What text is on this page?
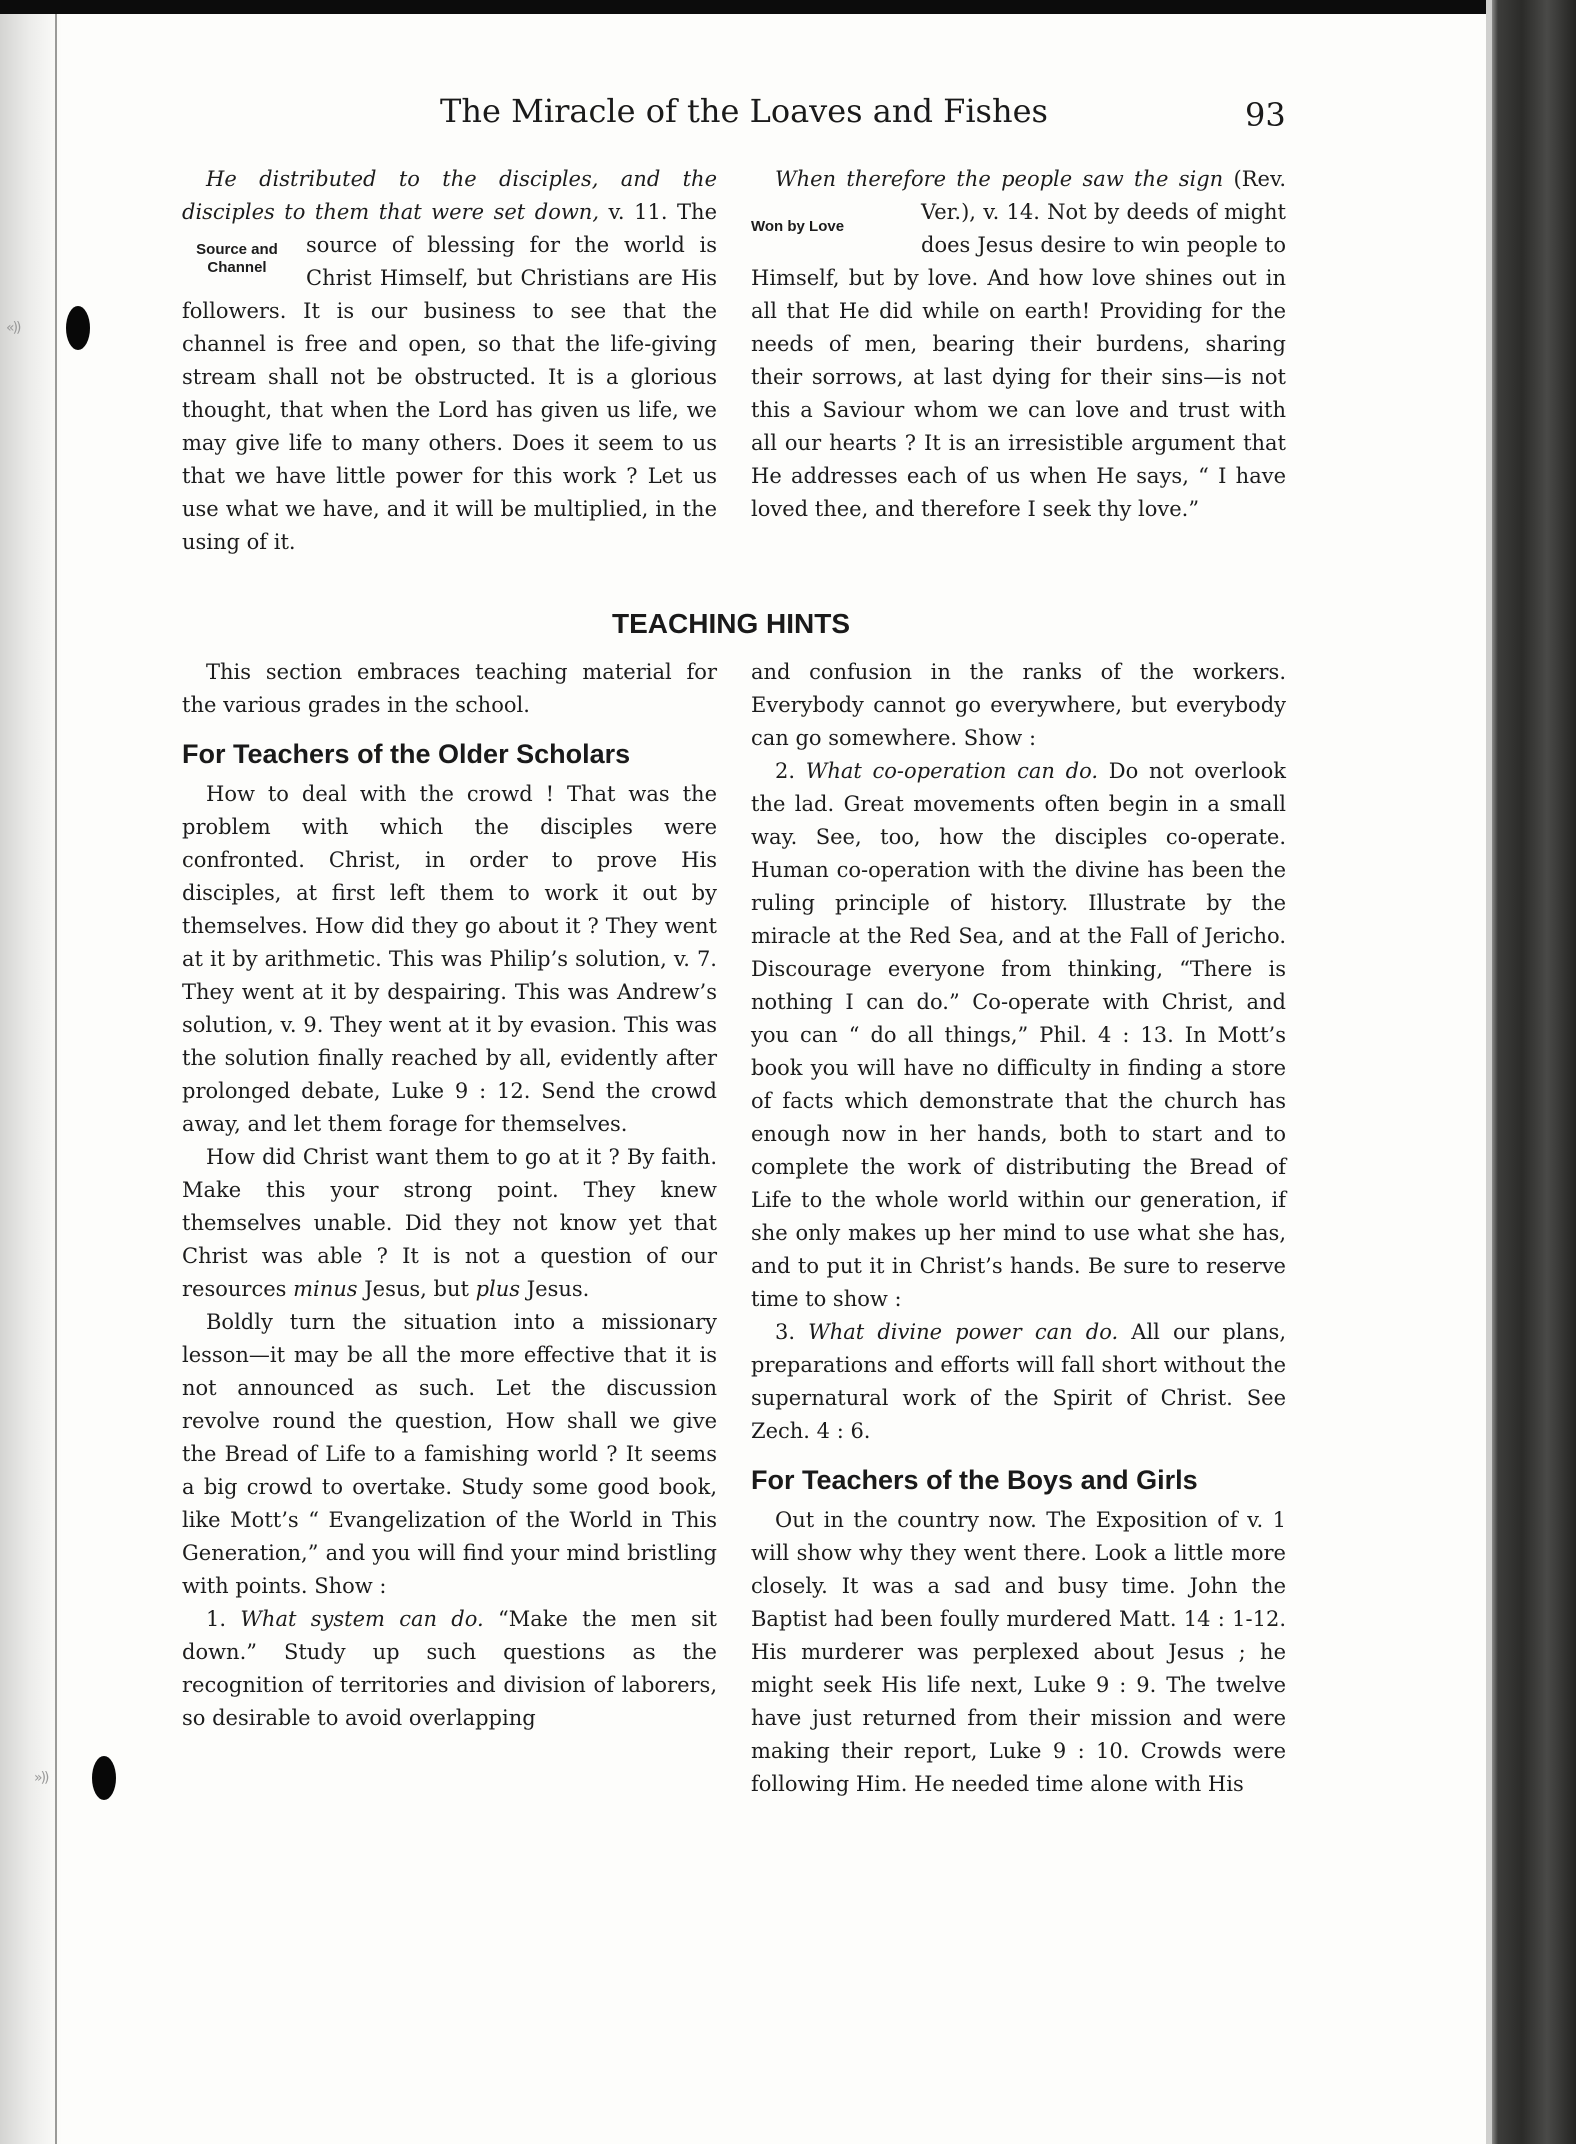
«))
»))
The Miracle of the Loaves and Fishes	93

He distributed to the disciples, and the disciples to them that were set down, v. 11.
Source and Channel
The source of blessing for the world is Christ Himself, but Christians are His followers. It is our business to see that the channel is free and open, so that the life-giving stream shall not be obstructed. It is a glorious thought, that when the Lord has given us life, we may give life to many others. Does it seem to us that we have little power for this work ? Let us use what we have, and it will be multiplied, in the using of it.

When therefore the people saw the sign (Rev. Ver.), v. 14.
Won by Love
Not by deeds of might does Jesus desire to win people to Himself, but by love. And how love shines out in all that He did while on earth! Providing for the needs of men, bearing their burdens, sharing their sorrows, at last dying for their sins—is not this a Saviour whom we can love and trust with all our hearts ? It is an irresistible argument that He addresses each of us when He says, “ I have loved thee, and therefore I seek thy love.”

TEACHING HINTS

This section embraces teaching material for the various grades in the school.

For Teachers of the Older Scholars

How to deal with the crowd ! That was the problem with which the disciples were confronted. Christ, in order to prove His disciples, at first left them to work it out by themselves. How did they go about it ? They went at it by arithmetic. This was Philip’s solution, v. 7. They went at it by despairing. This was Andrew’s solution, v. 9. They went at it by evasion. This was the solution finally reached by all, evidently after prolonged debate, Luke 9 : 12. Send the crowd away, and let them forage for themselves.

How did Christ want them to go at it ? By faith. Make this your strong point. They knew themselves unable. Did they not know yet that Christ was able ? It is not a question of our resources minus Jesus, but plus Jesus.

Boldly turn the situation into a missionary lesson—it may be all the more effective that it is not announced as such. Let the discussion revolve round the question, How shall we give the Bread of Life to a famishing world ? It seems a big crowd to overtake. Study some good book, like Mott’s “ Evangelization of the World in This Generation,” and you will find your mind bristling with points. Show :

1. What system can do. “Make the men sit down.” Study up such questions as the recognition of territories and division of laborers, so desirable to avoid overlapping

and confusion in the ranks of the workers. Everybody cannot go everywhere, but everybody can go somewhere. Show :

2. What co-operation can do. Do not overlook the lad. Great movements often begin in a small way. See, too, how the disciples co-operate. Human co-operation with the divine has been the ruling principle of history. Illustrate by the miracle at the Red Sea, and at the Fall of Jericho. Discourage everyone from thinking, “There is nothing I can do.” Co-operate with Christ, and you can “ do all things,” Phil. 4 : 13. In Mott’s book you will have no difficulty in finding a store of facts which demonstrate that the church has enough now in her hands, both to start and to complete the work of distributing the Bread of Life to the whole world within our generation, if she only makes up her mind to use what she has, and to put it in Christ’s hands. Be sure to reserve time to show :

3. What divine power can do. All our plans, preparations and efforts will fall short without the supernatural work of the Spirit of Christ. See Zech. 4 : 6.

For Teachers of the Boys and Girls

Out in the country now. The Exposition of v. 1 will show why they went there. Look a little more closely. It was a sad and busy time. John the Baptist had been foully murdered Matt. 14 : 1-12. His murderer was perplexed about Jesus ; he might seek His life next, Luke 9 : 9. The twelve have just returned from their mission and were making their report, Luke 9 : 10. Crowds were following Him. He needed time alone with His
